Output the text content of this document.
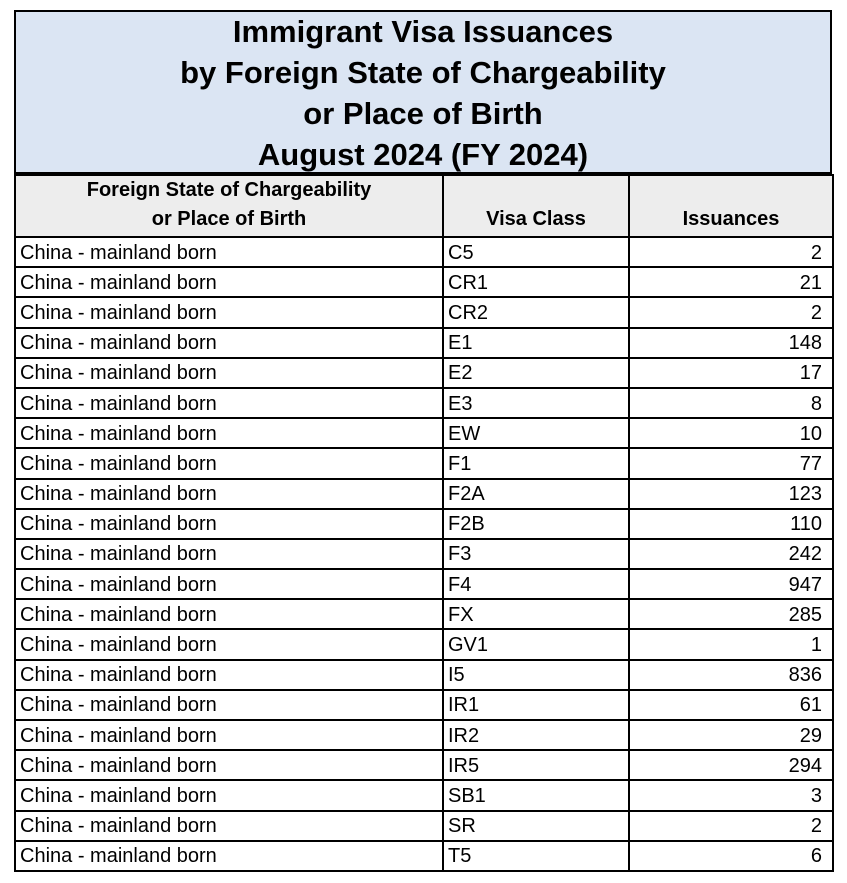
Immigrant Visa Issuances
by Foreign State of Chargeability
or Place of Birth
August 2024 (FY 2024)
Foreign State of Chargeability
or Place of Birth	Visa Class	Issuances
China - mainland born	C5	2
China - mainland born	CR1	21
China - mainland born	CR2	2
China - mainland born	E1	148
China - mainland born	E2	17
China - mainland born	E3	8
China - mainland born	EW	10
China - mainland born	F1	77
China - mainland born	F2A	123
China - mainland born	F2B	110
China - mainland born	F3	242
China - mainland born	F4	947
China - mainland born	FX	285
China - mainland born	GV1	1
China - mainland born	I5	836
China - mainland born	IR1	61
China - mainland born	IR2	29
China - mainland born	IR5	294
China - mainland born	SB1	3
China - mainland born	SR	2
China - mainland born	T5	6
